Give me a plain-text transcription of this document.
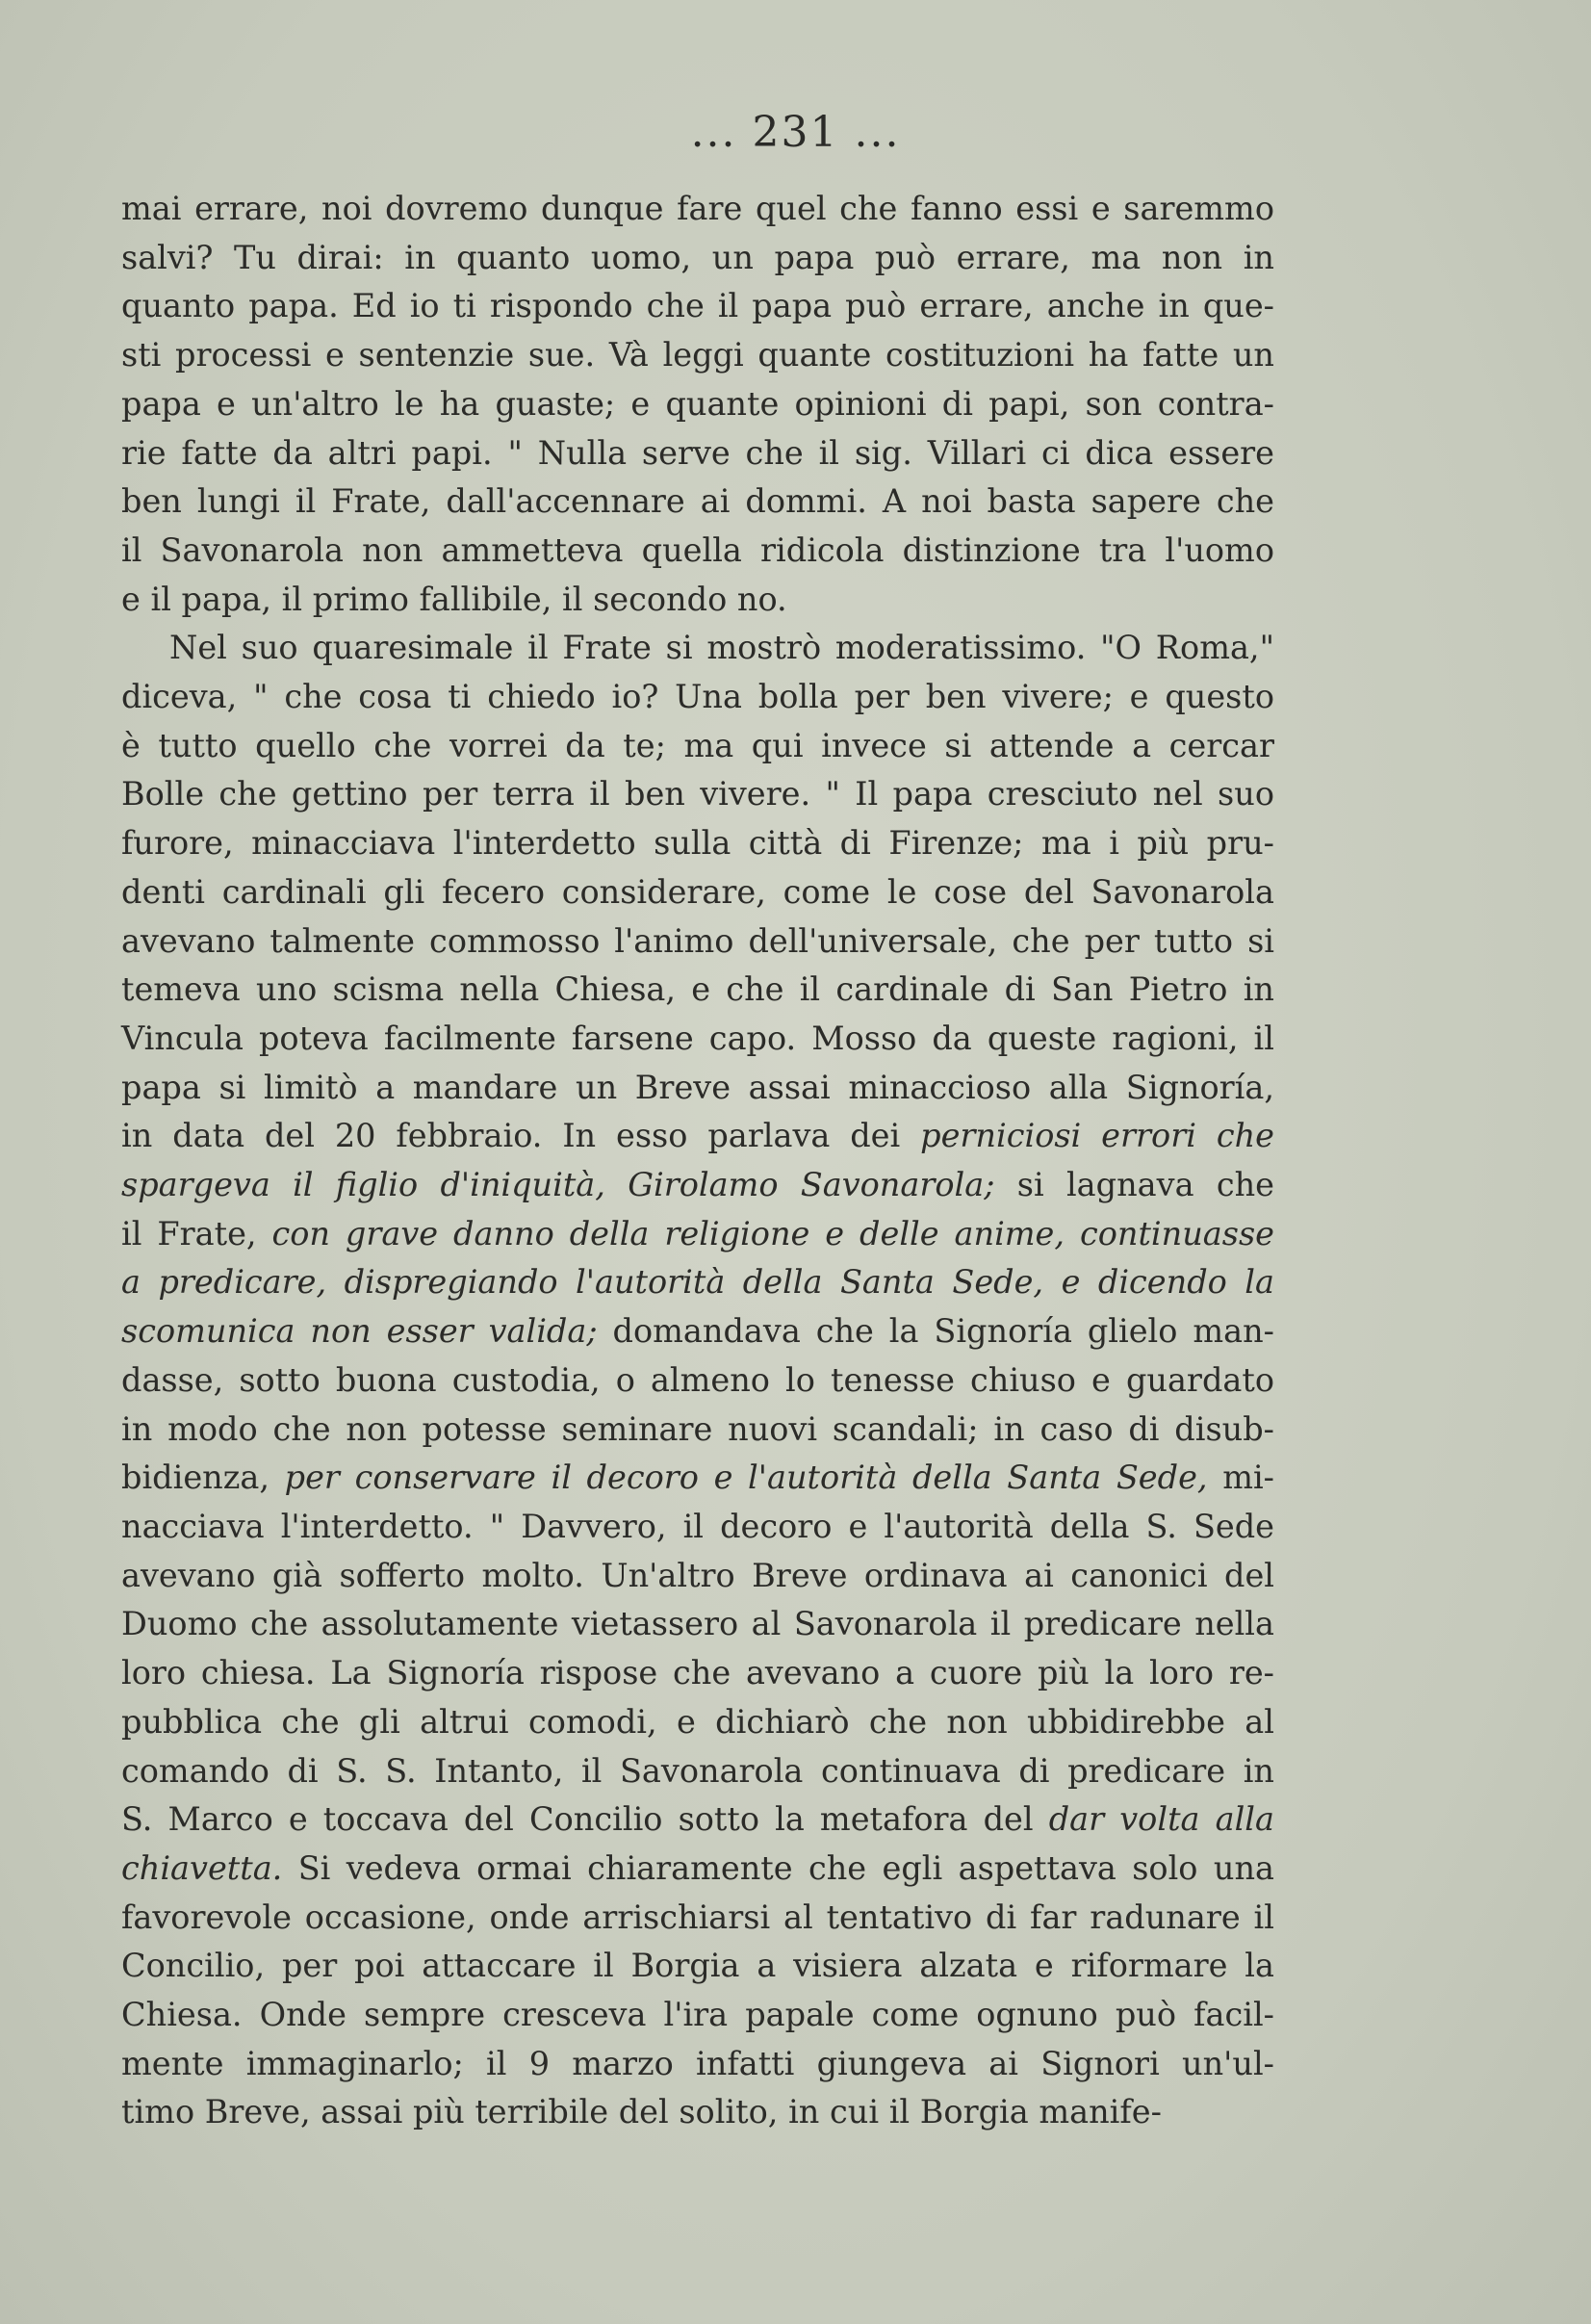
... 231 ...
mai errare, noi dovremo dunque fare quel che fanno essi e saremmo
salvi? Tu dirai: in quanto uomo, un papa può errare, ma non in
quanto papa. Ed io ti rispondo che il papa può errare, anche in que-
sti processi e sentenzie sue. Và leggi quante costituzioni ha fatte un
papa e un'altro le ha guaste; e quante opinioni di papi, son contra-
rie fatte da altri papi. " Nulla serve che il sig. Villari ci dica essere
ben lungi il Frate, dall'accennare ai dommi. A noi basta sapere che
il Savonarola non ammetteva quella ridicola distinzione tra l'uomo
e il papa, il primo fallibile, il secondo no.
Nel suo quaresimale il Frate si mostrò moderatissimo. "O Roma,"
diceva, " che cosa ti chiedo io? Una bolla per ben vivere; e questo
è tutto quello che vorrei da te; ma qui invece si attende a cercar
Bolle che gettino per terra il ben vivere. " Il papa cresciuto nel suo
furore, minacciava l'interdetto sulla città di Firenze; ma i più pru-
denti cardinali gli fecero considerare, come le cose del Savonarola
avevano talmente commosso l'animo dell'universale, che per tutto si
temeva uno scisma nella Chiesa, e che il cardinale di San Pietro in
Vincula poteva facilmente farsene capo. Mosso da queste ragioni, il
papa si limitò a mandare un Breve assai minaccioso alla Signoría,
in data del 20 febbraio. In esso parlava dei perniciosi errori che
spargeva il figlio d'iniquità, Girolamo Savonarola; si lagnava che
il Frate, con grave danno della religione e delle anime, continuasse
a predicare, dispregiando l'autorità della Santa Sede, e dicendo la
scomunica non esser valida; domandava che la Signoría glielo man-
dasse, sotto buona custodia, o almeno lo tenesse chiuso e guardato
in modo che non potesse seminare nuovi scandali; in caso di disub-
bidienza, per conservare il decoro e l'autorità della Santa Sede, mi-
nacciava l'interdetto. " Davvero, il decoro e l'autorità della S. Sede
avevano già sofferto molto. Un'altro Breve ordinava ai canonici del
Duomo che assolutamente vietassero al Savonarola il predicare nella
loro chiesa. La Signoría rispose che avevano a cuore più la loro re-
pubblica che gli altrui comodi, e dichiarò che non ubbidirebbe al
comando di S. S. Intanto, il Savonarola continuava di predicare in
S. Marco e toccava del Concilio sotto la metafora del dar volta alla
chiavetta. Si vedeva ormai chiaramente che egli aspettava solo una
favorevole occasione, onde arrischiarsi al tentativo di far radunare il
Concilio, per poi attaccare il Borgia a visiera alzata e riformare la
Chiesa. Onde sempre cresceva l'ira papale come ognuno può facil-
mente immaginarlo; il 9 marzo infatti giungeva ai Signori un'ul-
timo Breve, assai più terribile del solito, in cui il Borgia manife-
